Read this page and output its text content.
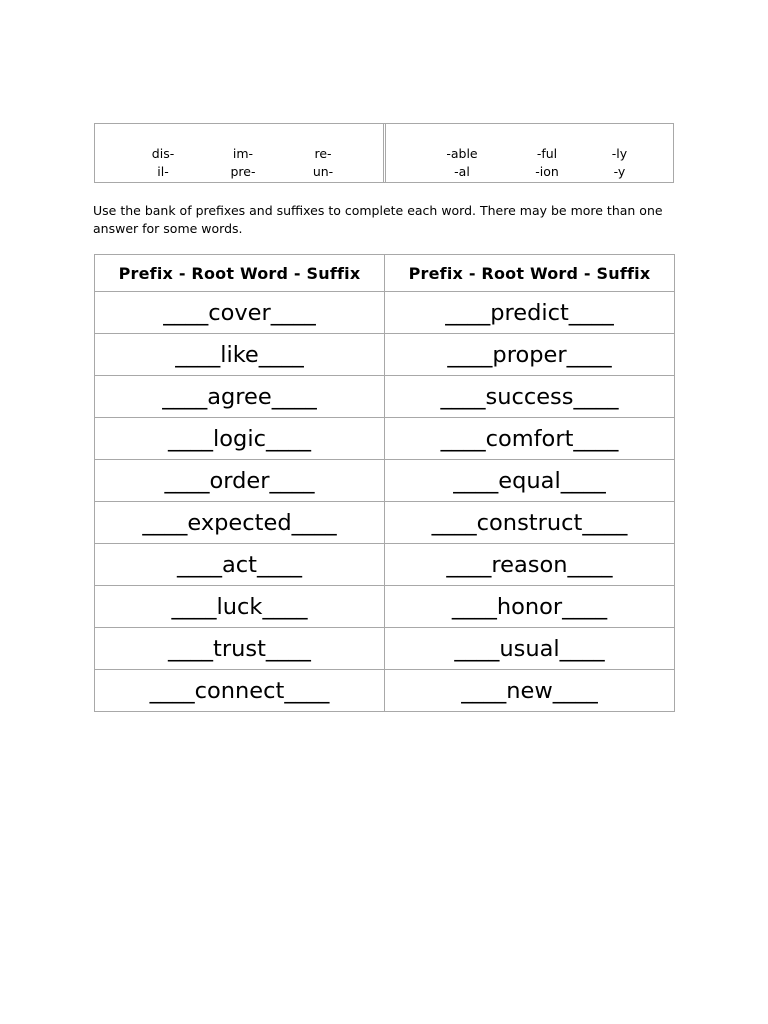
dis-	im-	re-
il-	pre-	un-
-able	-ful	-ly
-al	-ion	-y

Use the bank of prefixes and suffixes to complete each word. There may be more than one answer for some words.

Prefix - Root Word - Suffix	Prefix - Root Word - Suffix
____cover____	____predict____
____like____	____proper____
____agree____	____success____
____logic____	____comfort____
____order____	____equal____
____expected____	____construct____
____act____	____reason____
____luck____	____honor____
____trust____	____usual____
____connect____	____new____
